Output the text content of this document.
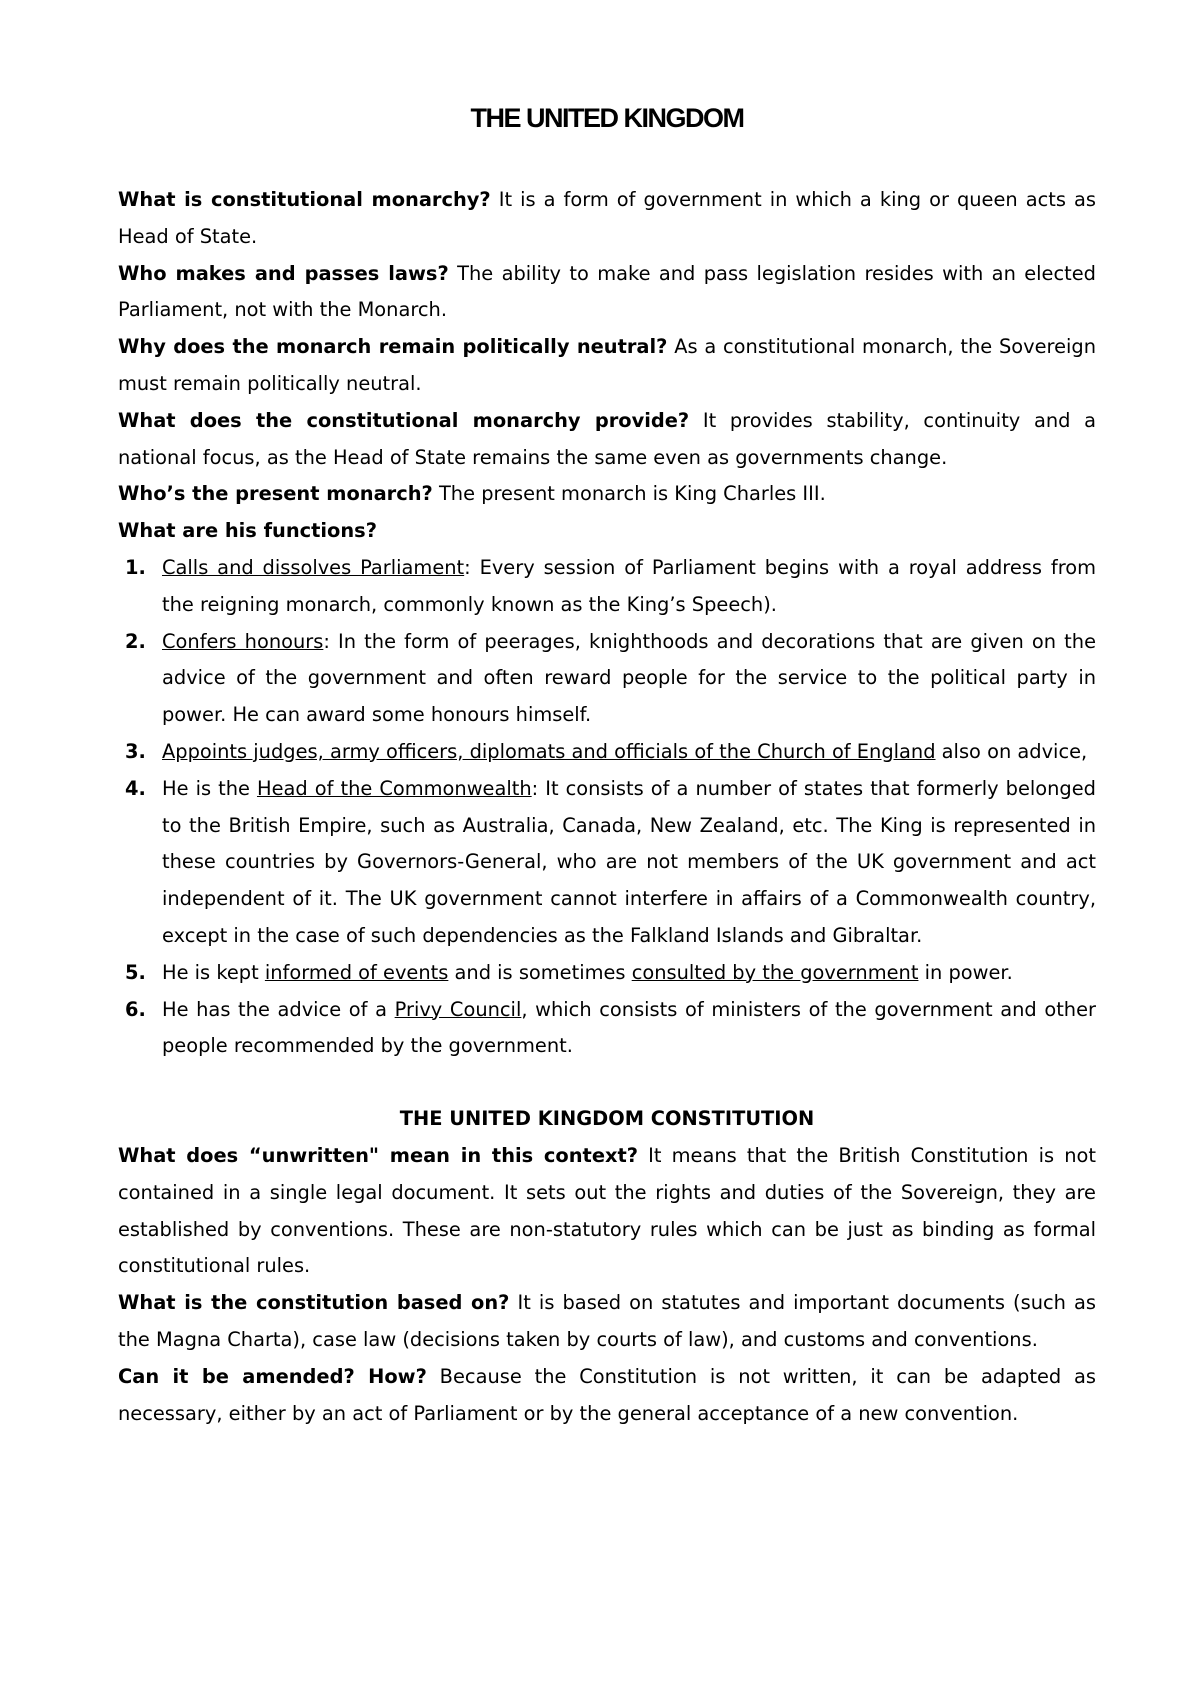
THE UNITED KINGDOM

What is constitutional monarchy? It is a form of government in which a king or queen acts as Head of State.

Who makes and passes laws? The ability to make and pass legislation resides with an elected Parliament, not with the Monarch.

Why does the monarch remain politically neutral? As a constitutional monarch, the Sovereign must remain politically neutral.

What does the constitutional monarchy provide? It provides stability, continuity and a national focus, as the Head of State remains the same even as governments change.

Who’s the present monarch? The present monarch is King Charles III.

What are his functions?

1. Calls and dissolves Parliament: Every session of Parliament begins with a royal address from the reigning monarch, commonly known as the King’s Speech).
2. Confers honours: In the form of peerages, knighthoods and decorations that are given on the advice of the government and often reward people for the service to the political party in power. He can award some honours himself.
3. Appoints judges, army officers, diplomats and officials of the Church of England also on advice,
4. He is the Head of the Commonwealth: It consists of a number of states that formerly belonged to the British Empire, such as Australia, Canada, New Zealand, etc. The King is represented in these countries by Governors-General, who are not members of the UK government and act independent of it. The UK government cannot interfere in affairs of a Commonwealth country, except in the case of such dependencies as the Falkland Islands and Gibraltar.
5. He is kept informed of events and is sometimes consulted by the government in power.
6. He has the advice of a Privy Council, which consists of ministers of the government and other people recommended by the government.
THE UNITED KINGDOM CONSTITUTION

What does “unwritten" mean in this context? It means that the British Constitution is not contained in a single legal document. It sets out the rights and duties of the Sovereign, they are established by conventions. These are non-statutory rules which can be just as binding as formal constitutional rules.

What is the constitution based on? It is based on statutes and important documents (such as the Magna Charta), case law (decisions taken by courts of law), and customs and conventions.

Can it be amended? How? Because the Constitution is not written, it can be adapted as necessary, either by an act of Parliament or by the general acceptance of a new convention.
